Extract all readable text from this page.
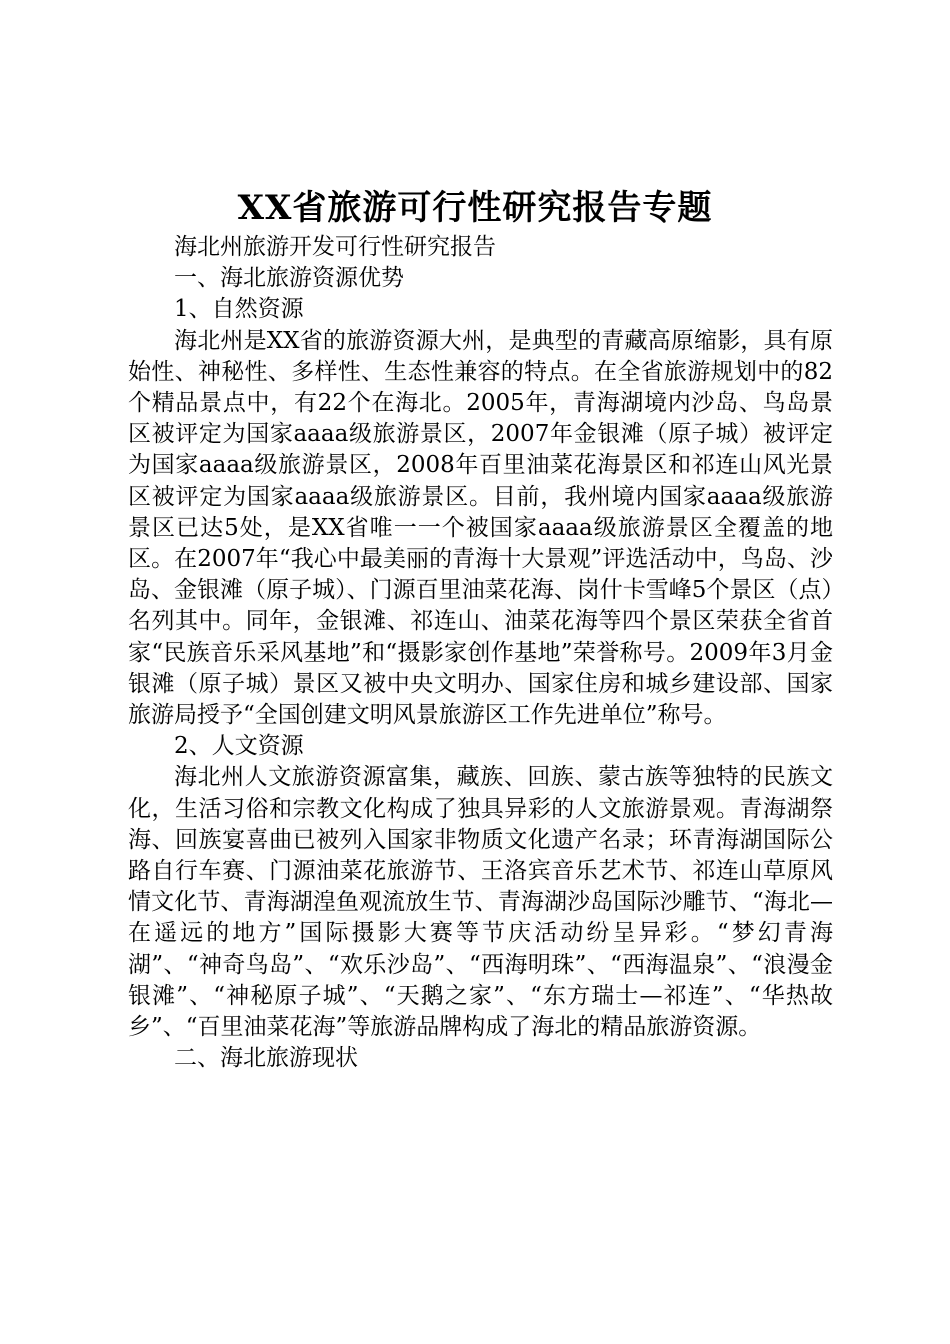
XX省旅游可行性研究报告专题

海北州旅游开发可行性研究报告

一、海北旅游资源优势

1、自然资源

海北州是XX省的旅游资源大州，是典型的青藏高原缩影，具有原始性、神秘性、多样性、生态性兼容的特点。在全省旅游规划中的82个精品景点中，有22个在海北。2005年，青海湖境内沙岛、鸟岛景区被评定为国家aaaa级旅游景区，2007年金银滩（原子城）被评定为国家aaaa级旅游景区，2008年百里油菜花海景区和祁连山风光景区被评定为国家aaaa级旅游景区。目前，我州境内国家aaaa级旅游景区已达5处，是XX省唯一一个被国家aaaa级旅游景区全覆盖的地区。在2007年“我心中最美丽的青海十大景观”评选活动中，鸟岛、沙岛、金银滩（原子城）、门源百里油菜花海、岗什卡雪峰5个景区（点）名列其中。同年，金银滩、祁连山、油菜花海等四个景区荣获全省首家“民族音乐采风基地”和“摄影家创作基地”荣誉称号。2009年3月金银滩（原子城）景区又被中央文明办、国家住房和城乡建设部、国家旅游局授予“全国创建文明风景旅游区工作先进单位”称号。

2、人文资源

海北州人文旅游资源富集，藏族、回族、蒙古族等独特的民族文化，生活习俗和宗教文化构成了独具异彩的人文旅游景观。青海湖祭海、回族宴喜曲已被列入国家非物质文化遗产名录；环青海湖国际公路自行车赛、门源油菜花旅游节、王洛宾音乐艺术节、祁连山草原风情文化节、青海湖湟鱼观流放生节、青海湖沙岛国际沙雕节、“海北—在遥远的地方”国际摄影大赛等节庆活动纷呈异彩。“梦幻青海湖”、“神奇鸟岛”、“欢乐沙岛”、“西海明珠”、“西海温泉”、“浪漫金银滩”、“神秘原子城”、“天鹅之家”、“东方瑞士—祁连”、“华热故乡”、“百里油菜花海”等旅游品牌构成了海北的精品旅游资源。

二、海北旅游现状
